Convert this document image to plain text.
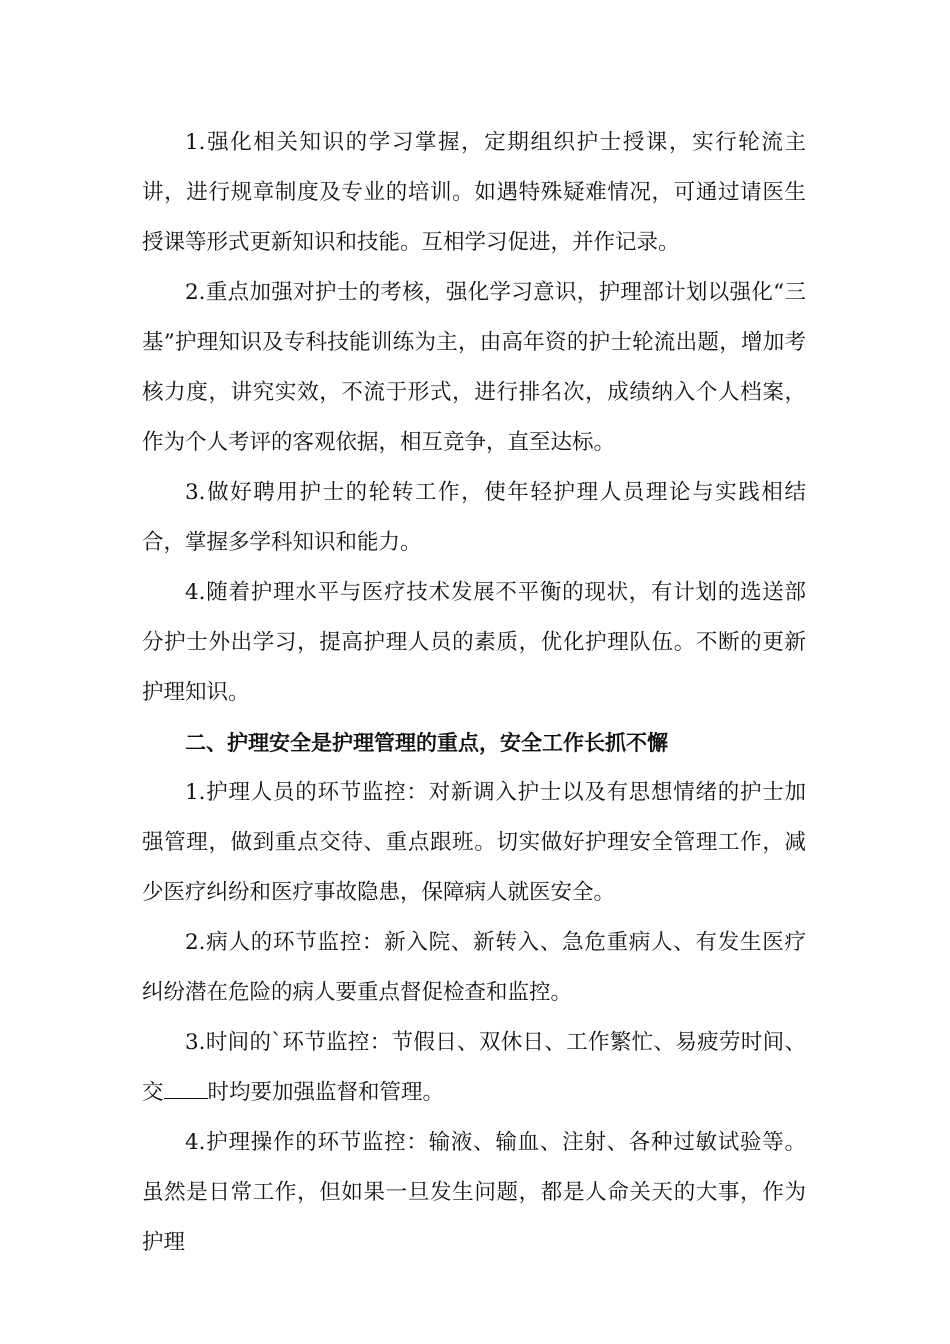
1.强化相关知识的学习掌握，定期组织护士授课，实行轮流主讲，进行规章制度及专业的培训。如遇特殊疑难情况，可通过请医生授课等形式更新知识和技能。互相学习促进，并作记录。

2.重点加强对护士的考核，强化学习意识，护理部计划以强化“三基”护理知识及专科技能训练为主，由高年资的护士轮流出题，增加考核力度，讲究实效，不流于形式，进行排名次，成绩纳入个人档案，作为个人考评的客观依据，相互竞争，直至达标。

3.做好聘用护士的轮转工作，使年轻护理人员理论与实践相结合，掌握多学科知识和能力。

4.随着护理水平与医疗技术发展不平衡的现状，有计划的选送部分护士外出学习，提高护理人员的素质，优化护理队伍。不断的更新护理知识。

二、护理安全是护理管理的重点，安全工作长抓不懈

1.护理人员的环节监控：对新调入护士以及有思想情绪的护士加强管理，做到重点交待、重点跟班。切实做好护理安全管理工作，减少医疗纠纷和医疗事故隐患，保障病人就医安全。

2.病人的环节监控：新入院、新转入、急危重病人、有发生医疗纠纷潜在危险的病人要重点督促检查和监控。

3.时间的`环节监控：节假日、双休日、工作繁忙、易疲劳时间、交 时均要加强监督和管理。

4.护理操作的环节监控：输液、输血、注射、各种过敏试验等。虽然是日常工作，但如果一旦发生问题，都是人命关天的大事，作为护理
